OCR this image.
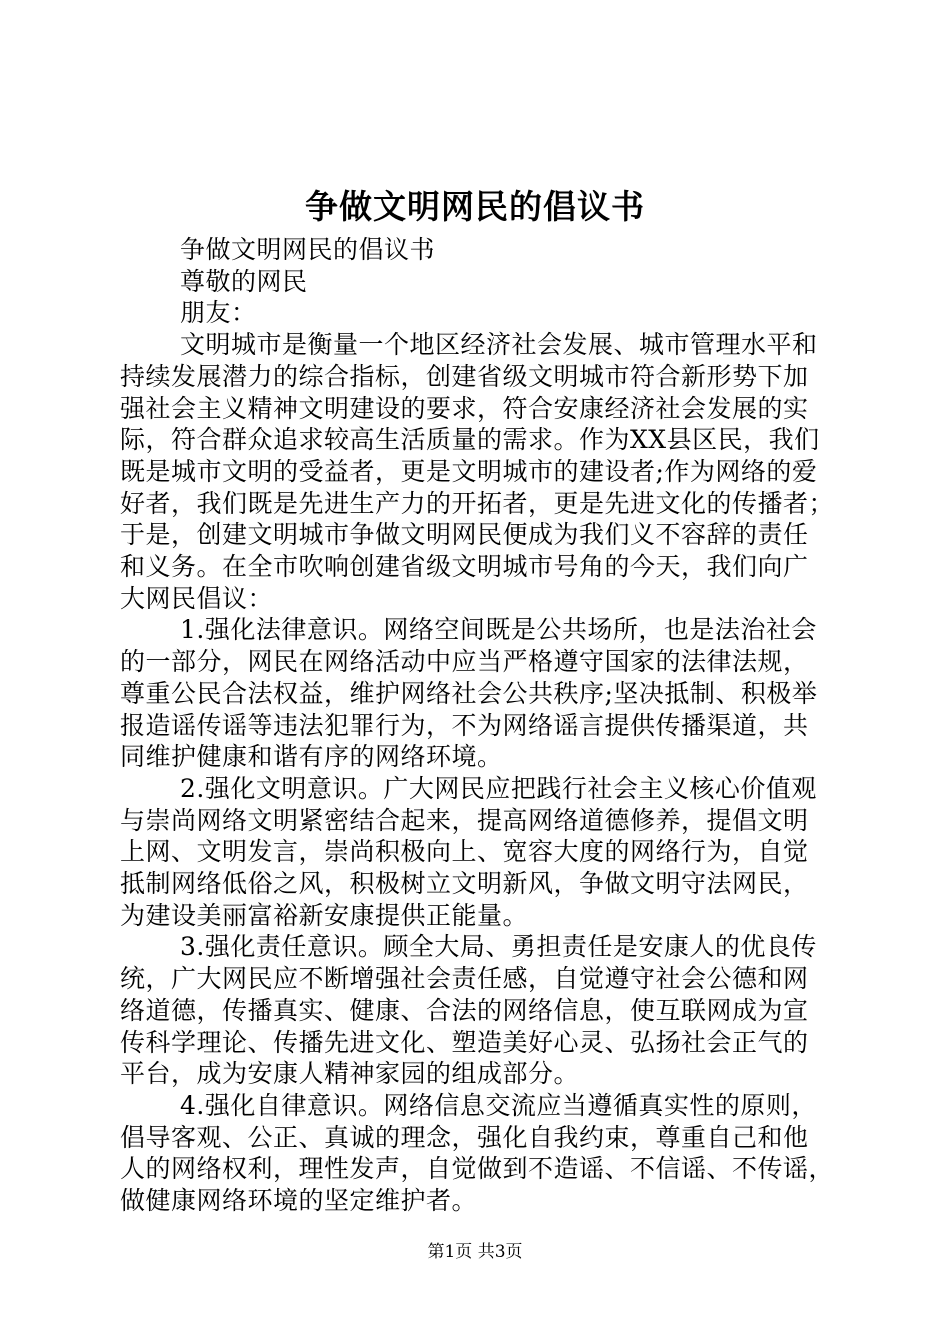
争做文明网民的倡议书
争做文明网民的倡议书
尊敬的网民
朋友：
文明城市是衡量一个地区经济社会发展、城市管理水平和
持续发展潜力的综合指标，创建省级文明城市符合新形势下加
强社会主义精神文明建设的要求，符合安康经济社会发展的实
际，符合群众追求较高生活质量的需求。作为XX县区民，我们
既是城市文明的受益者，更是文明城市的建设者;作为网络的爱
好者，我们既是先进生产力的开拓者，更是先进文化的传播者；
于是，创建文明城市争做文明网民便成为我们义不容辞的责任
和义务。在全市吹响创建省级文明城市号角的今天，我们向广
大网民倡议：
1.强化法律意识。网络空间既是公共场所，也是法治社会
的一部分，网民在网络活动中应当严格遵守国家的法律法规，
尊重公民合法权益，维护网络社会公共秩序;坚决抵制、积极举
报造谣传谣等违法犯罪行为，不为网络谣言提供传播渠道，共
同维护健康和谐有序的网络环境。
2.强化文明意识。广大网民应把践行社会主义核心价值观
与崇尚网络文明紧密结合起来，提高网络道德修养，提倡文明
上网、文明发言，崇尚积极向上、宽容大度的网络行为，自觉
抵制网络低俗之风，积极树立文明新风，争做文明守法网民，
为建设美丽富裕新安康提供正能量。
3.强化责任意识。顾全大局、勇担责任是安康人的优良传
统，广大网民应不断增强社会责任感，自觉遵守社会公德和网
络道德，传播真实、健康、合法的网络信息，使互联网成为宣
传科学理论、传播先进文化、塑造美好心灵、弘扬社会正气的
平台，成为安康人精神家园的组成部分。
4.强化自律意识。网络信息交流应当遵循真实性的原则，
倡导客观、公正、真诚的理念，强化自我约束，尊重自己和他
人的网络权利，理性发声，自觉做到不造谣、不信谣、不传谣，
做健康网络环境的坚定维护者。
第1页 共3页
